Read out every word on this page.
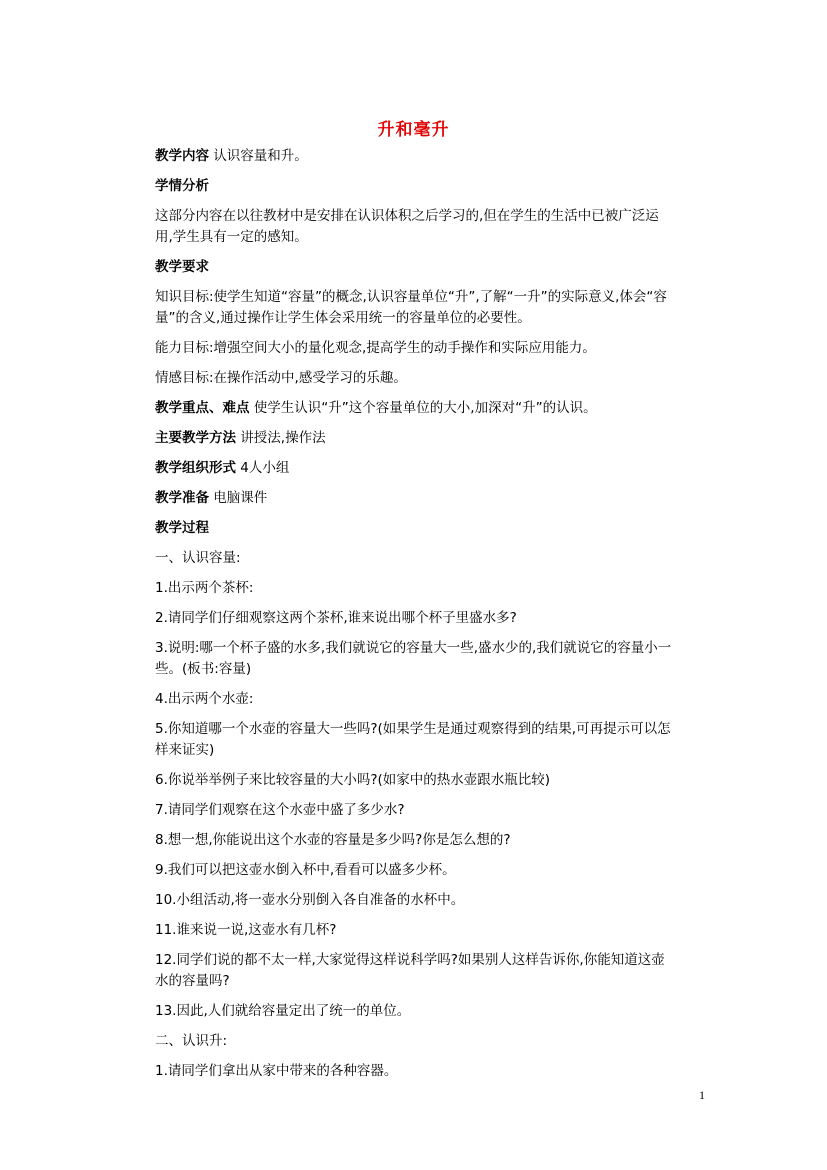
升和毫升

教学内容 认识容量和升。

学情分析

这部分内容在以往教材中是安排在认识体积之后学习的,但在学生的生活中已被广泛运用,学生具有一定的感知。

教学要求

知识目标:使学生知道“容量”的概念,认识容量单位“升”,了解“一升”的实际意义,体会“容量”的含义,通过操作让学生体会采用统一的容量单位的必要性。

能力目标:增强空间大小的量化观念,提高学生的动手操作和实际应用能力。

情感目标:在操作活动中,感受学习的乐趣。

教学重点、难点 使学生认识“升”这个容量单位的大小,加深对“升”的认识。

主要教学方法 讲授法,操作法

教学组织形式 4人小组

教学准备 电脑课件

教学过程

一、认识容量:

1.出示两个茶杯:

2.请同学们仔细观察这两个茶杯,谁来说出哪个杯子里盛水多?

3.说明:哪一个杯子盛的水多,我们就说它的容量大一些,盛水少的,我们就说它的容量小一些。(板书:容量)

4.出示两个水壶:

5.你知道哪一个水壶的容量大一些吗?(如果学生是通过观察得到的结果,可再提示可以怎样来证实)

6.你说举举例子来比较容量的大小吗?(如家中的热水壶跟水瓶比较)

7.请同学们观察在这个水壶中盛了多少水?

8.想一想,你能说出这个水壶的容量是多少吗?你是怎么想的?

9.我们可以把这壶水倒入杯中,看看可以盛多少杯。

10.小组活动,将一壶水分别倒入各自准备的水杯中。

11.谁来说一说,这壶水有几杯?

12.同学们说的都不太一样,大家觉得这样说科学吗?如果别人这样告诉你,你能知道这壶水的容量吗?

13.因此,人们就给容量定出了统一的单位。

二、认识升:

1.请同学们拿出从家中带来的各种容器。

1
